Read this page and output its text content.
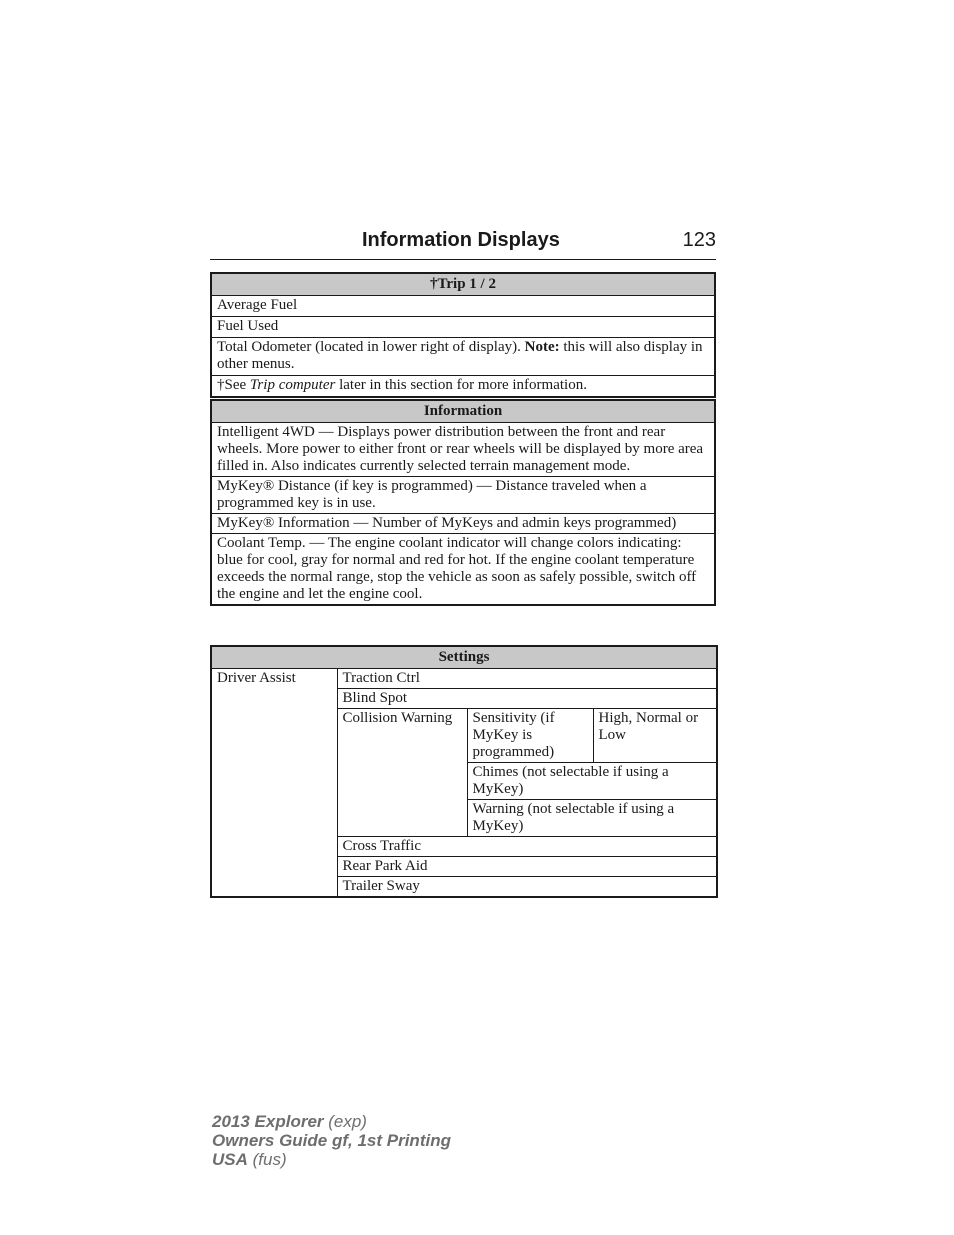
Information Displays	123
†Trip 1 / 2
Average Fuel
Fuel Used
Total Odometer (located in lower right of display). Note: this will also display in other menus.
†See Trip computer later in this section for more information.
Information
Intelligent 4WD — Displays power distribution between the front and rear wheels. More power to either front or rear wheels will be displayed by more area filled in. Also indicates currently selected terrain management mode.
MyKey® Distance (if key is programmed) — Distance traveled when a programmed key is in use.
MyKey® Information — Number of MyKeys and admin keys programmed)
Coolant Temp. — The engine coolant indicator will change colors indicating: blue for cool, gray for normal and red for hot. If the engine coolant temperature exceeds the normal range, stop the vehicle as soon as safely possible, switch off the engine and let the engine cool.
Settings			
Driver Assist	Traction Ctrl		
	Blind Spot		
	Collision Warning	Sensitivity (if MyKey is programmed)	High, Normal or Low
		Chimes (not selectable if using a MyKey)	
		Warning (not selectable if using a MyKey)	
	Cross Traffic		
	Rear Park Aid		
	Trailer Sway		
2013 Explorer (exp)
Owners Guide gf, 1st Printing
USA (fus)
